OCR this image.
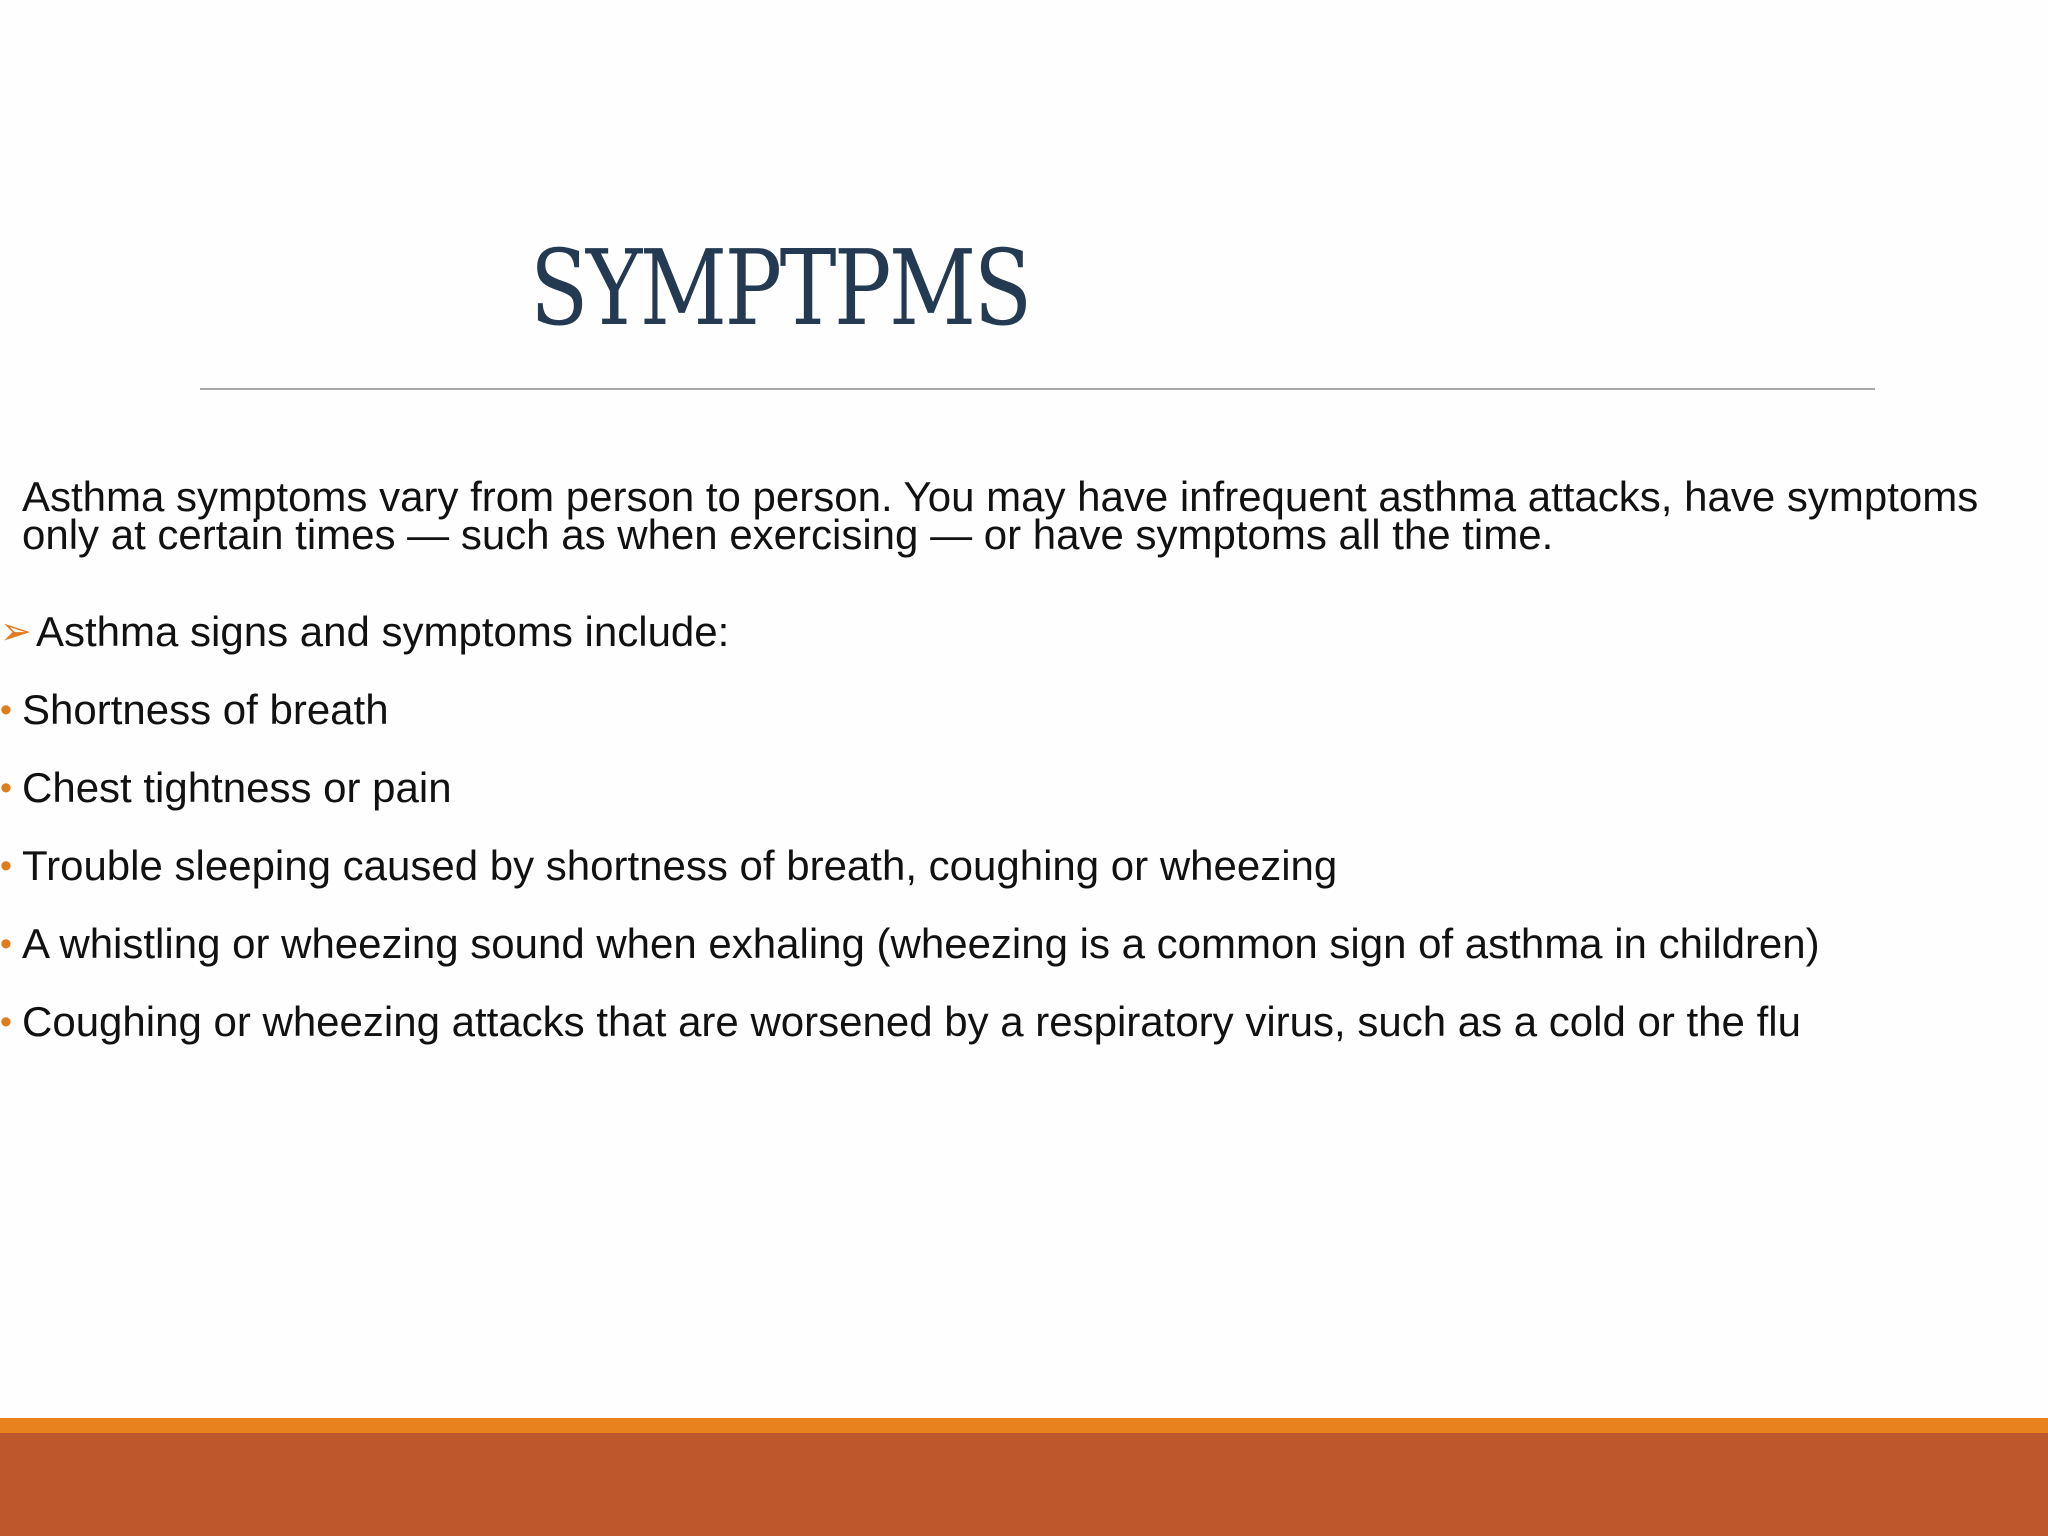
SYMPTPMS

Asthma symptoms vary from person to person. You may have infrequent asthma attacks, have symptoms only at certain times — such as when exercising — or have symptoms all the time.

➢ Asthma signs and symptoms include:
• Shortness of breath
• Chest tightness or pain
• Trouble sleeping caused by shortness of breath, coughing or wheezing
• A whistling or wheezing sound when exhaling (wheezing is a common sign of asthma in children)
• Coughing or wheezing attacks that are worsened by a respiratory virus, such as a cold or the flu
